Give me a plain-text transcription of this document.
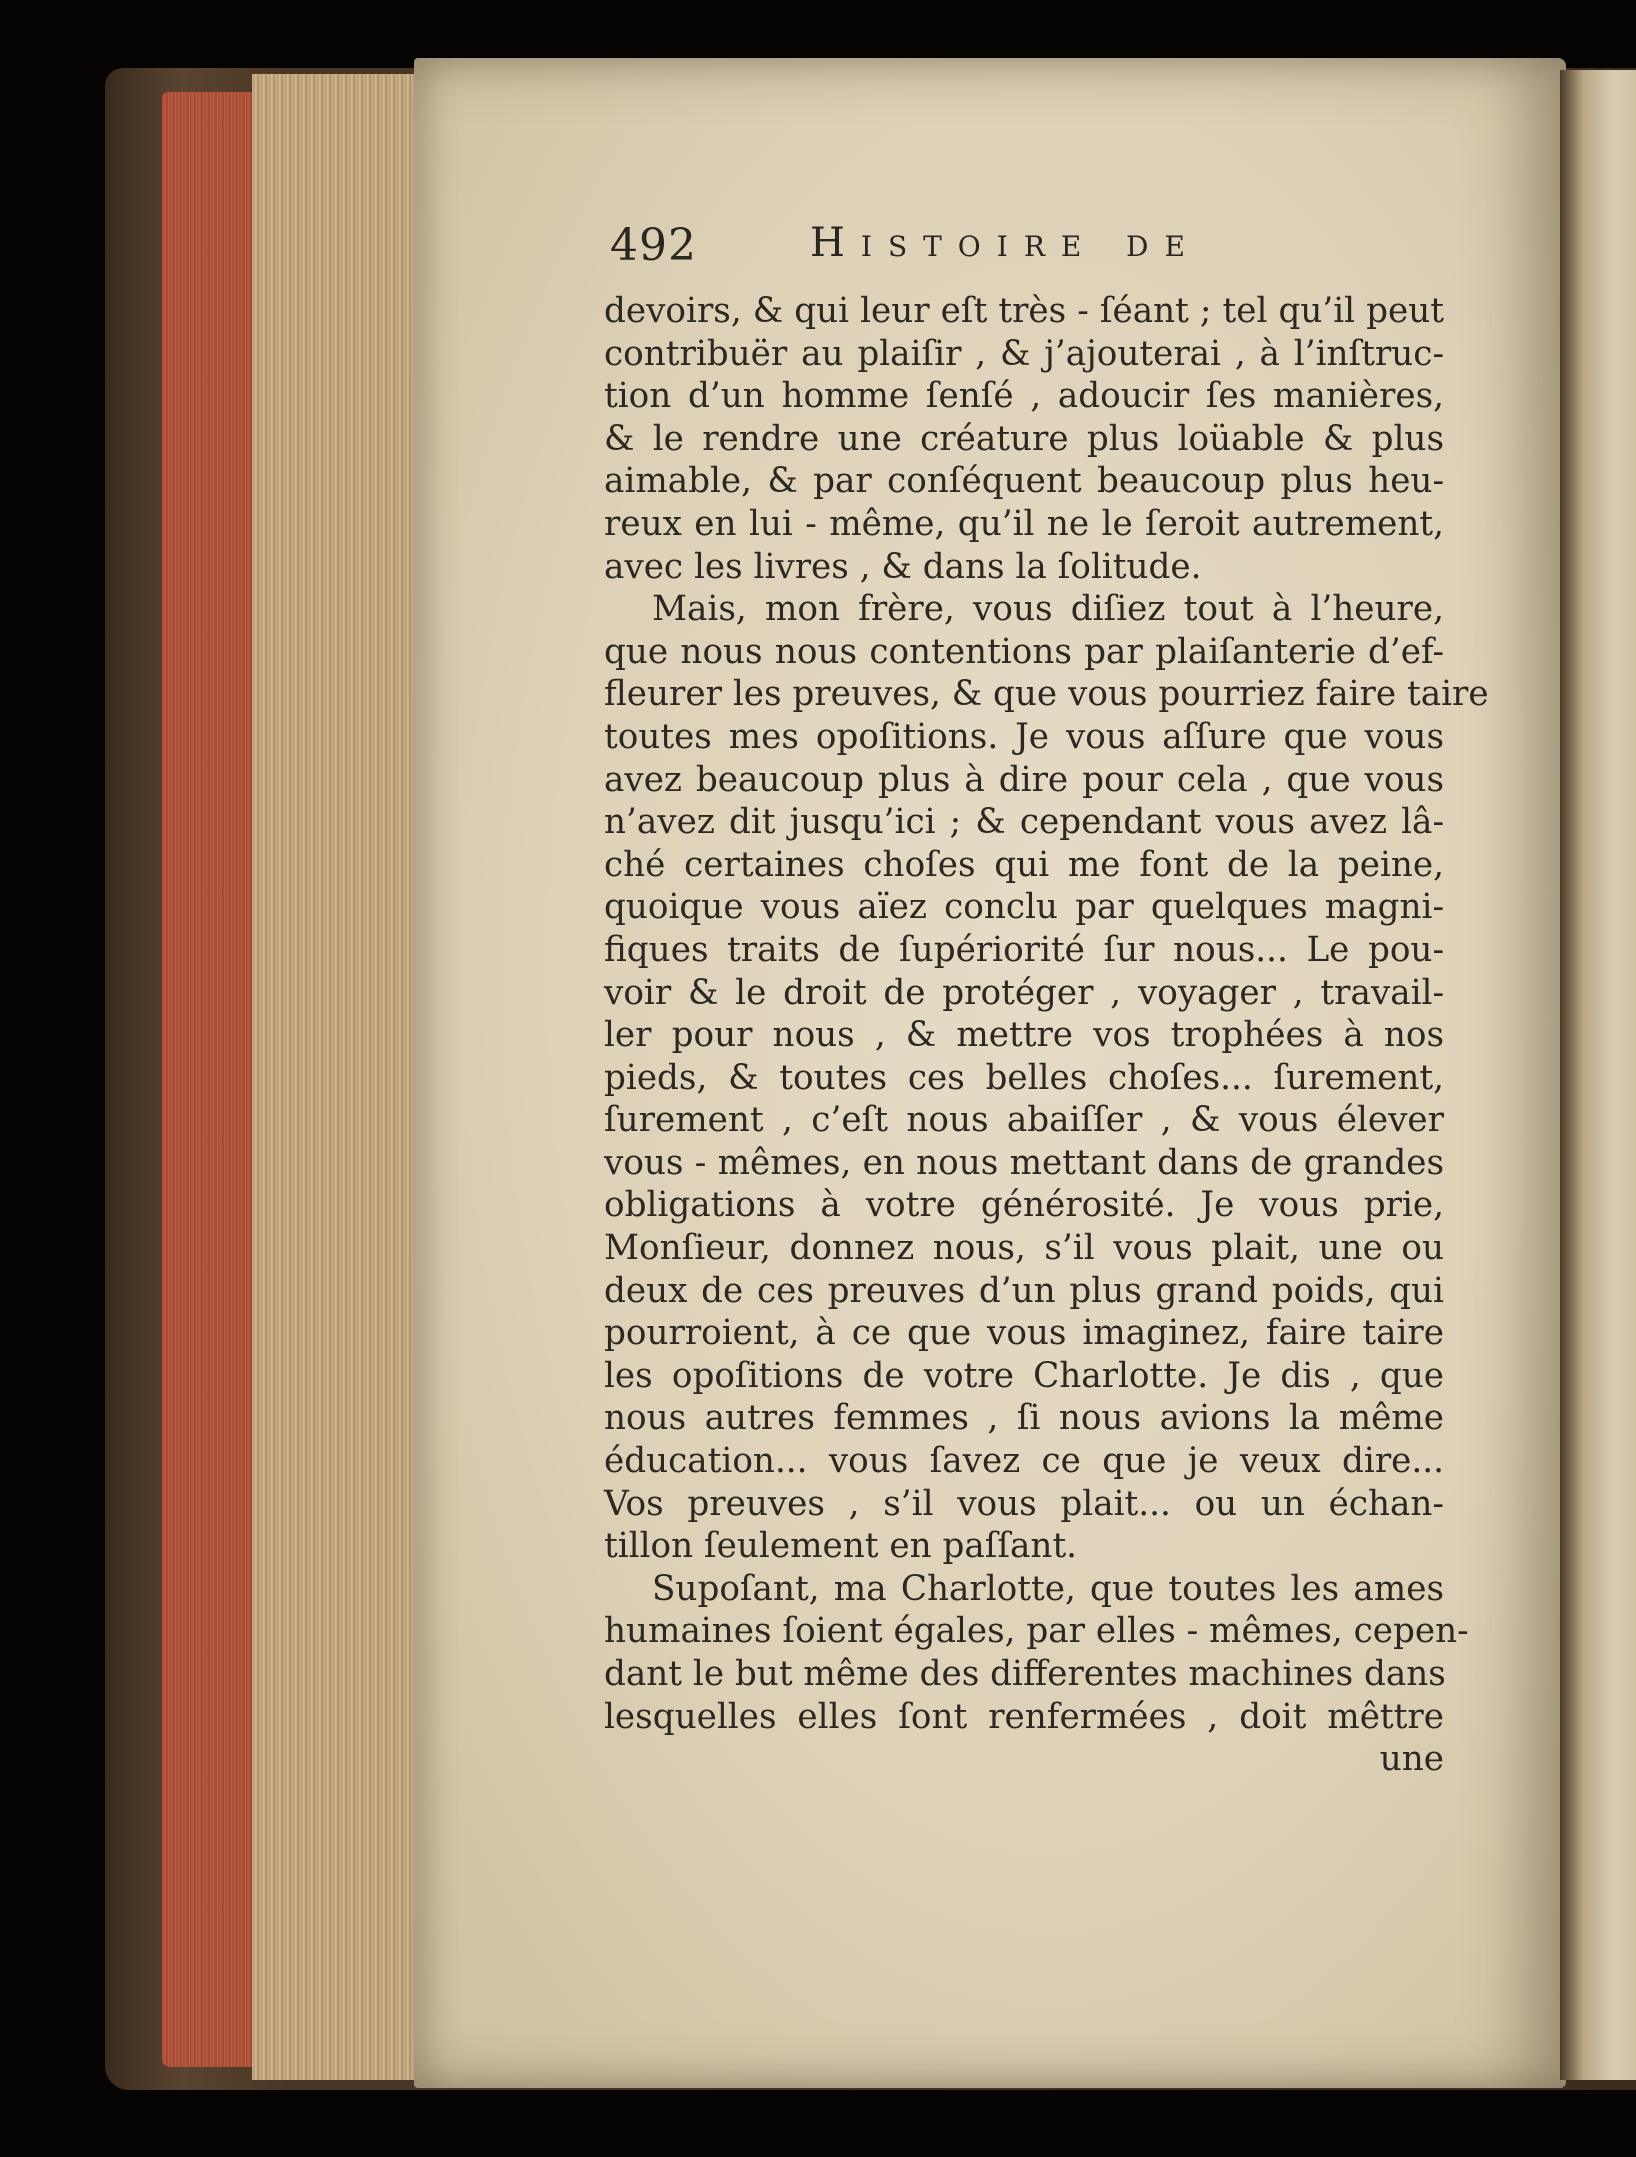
492	Histoire de
devoirs, & qui leur eſt très - ſéant ; tel qu’il peut
contribuër au plaiſir , & j’ajouterai , à l’inſtruc-
tion d’un homme ſenſé , adoucir ſes manières,
& le rendre une créature plus loüable & plus
aimable, & par conſéquent beaucoup plus heu-
reux en lui - même, qu’il ne le ſeroit autrement,
avec les livres , & dans la ſolitude.
Mais, mon frère, vous diſiez tout à l’heure,
que nous nous contentions par plaiſanterie d’ef-
fleurer les preuves, & que vous pourriez faire taire
toutes mes opoſitions. Je vous aſſure que vous
avez beaucoup plus à dire pour cela , que vous
n’avez dit jusqu’ici ; & cependant vous avez lâ-
ché certaines choſes qui me font de la peine,
quoique vous aïez conclu par quelques magni-
fiques traits de ſupériorité ſur nous... Le pou-
voir & le droit de protéger , voyager , travail-
ler pour nous , & mettre vos trophées à nos
pieds, & toutes ces belles choſes... ſurement,
ſurement , c’eſt nous abaiſſer , & vous élever
vous - mêmes, en nous mettant dans de grandes
obligations à votre générosité. Je vous prie,
Monſieur, donnez nous, s’il vous plait, une ou
deux de ces preuves d’un plus grand poids, qui
pourroient, à ce que vous imaginez, faire taire
les opoſitions de votre Charlotte. Je dis , que
nous autres femmes , ſi nous avions la même
éducation... vous ſavez ce que je veux dire...
Vos preuves , s’il vous plait... ou un échan-
tillon ſeulement en paſſant.
Supoſant, ma Charlotte, que toutes les ames
humaines ſoient égales, par elles - mêmes, cepen-
dant le but même des differentes machines dans
lesquelles elles ſont renfermées , doit mêttre
une
